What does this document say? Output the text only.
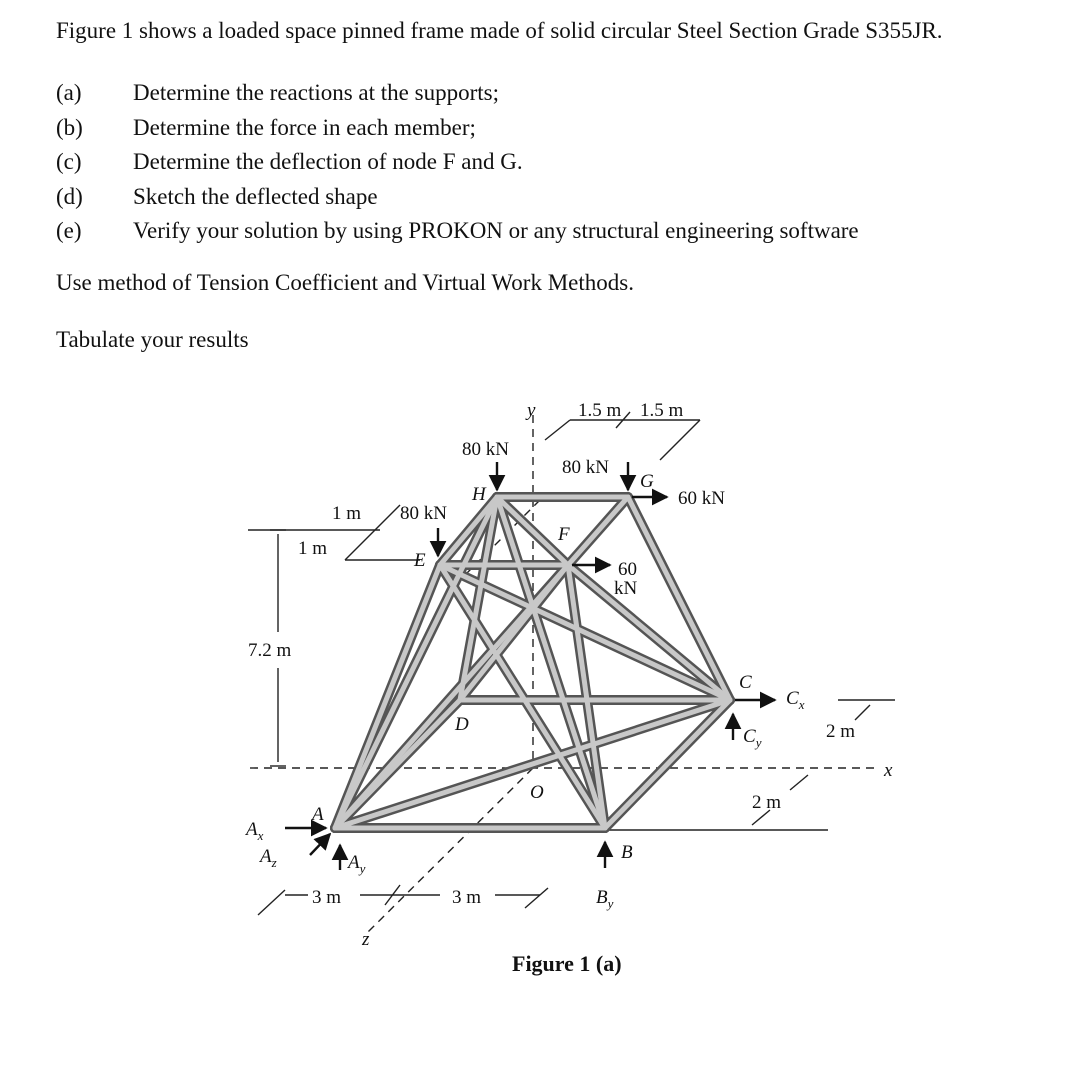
Figure 1 shows a loaded space pinned frame made of solid circular Steel Section Grade S355JR.
(a)	Determine the reactions at the supports;
(b)	Determine the force in each member;
(c)	Determine the deflection of node F and G.
(d)	Sketch the deflected shape
(e)	Verify your solution by using PROKON or any structural engineering software
Use method of Tension Coefficient and Virtual Work Methods.
Tabulate your results
y 1.5 m 1.5 m
80 kN
80 kN
G
H	60 kN
1 m 80 kN
1 m
F
E	60
kN
7.2 m
C
$C_x$
2 m
D
$C_y$
x
O	2 m
A
$A_x$
$A_z$	$A_y$
B
3 m	3 m	$B_y$
z
Figure 1 (a)
